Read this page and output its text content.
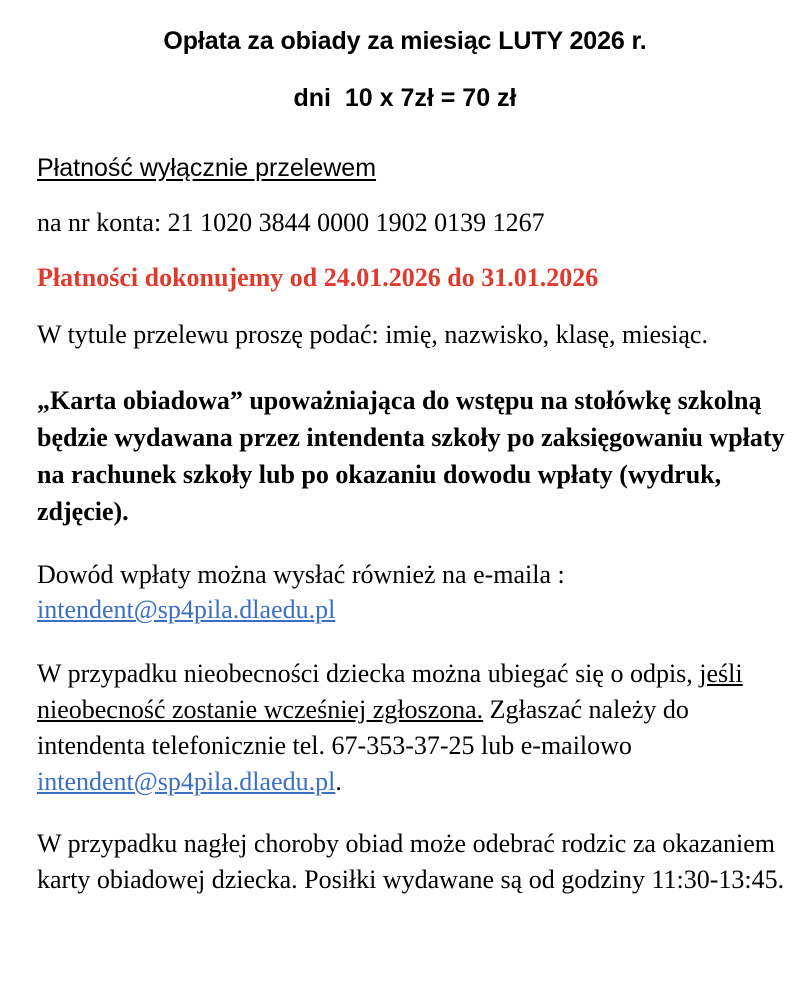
Opłata za obiady za miesiąc LUTY 2026 r.
dni  10 x 7zł = 70 zł

Płatność wyłącznie przelewem

na nr konta: 21 1020 3844 0000 1902 0139 1267

Płatności dokonujemy od 24.01.2026 do 31.01.2026

W tytule przelewu proszę podać: imię, nazwisko, klasę, miesiąc.

„Karta obiadowa” upoważniająca do wstępu na stołówkę szkolną będzie wydawana przez intendenta szkoły po zaksięgowaniu wpłaty na rachunek szkoły lub po okazaniu dowodu wpłaty (wydruk, zdjęcie).

Dowód wpłaty można wysłać również na e-maila :
intendent@sp4pila.dlaedu.pl

W przypadku nieobecności dziecka można ubiegać się o odpis, jeśli nieobecność zostanie wcześniej zgłoszona. Zgłaszać należy do intendenta telefonicznie tel. 67-353-37-25 lub e-mailowo intendent@sp4pila.dlaedu.pl.

W przypadku nagłej choroby obiad może odebrać rodzic za okazaniem karty obiadowej dziecka. Posiłki wydawane są od godziny 11:30-13:45.
